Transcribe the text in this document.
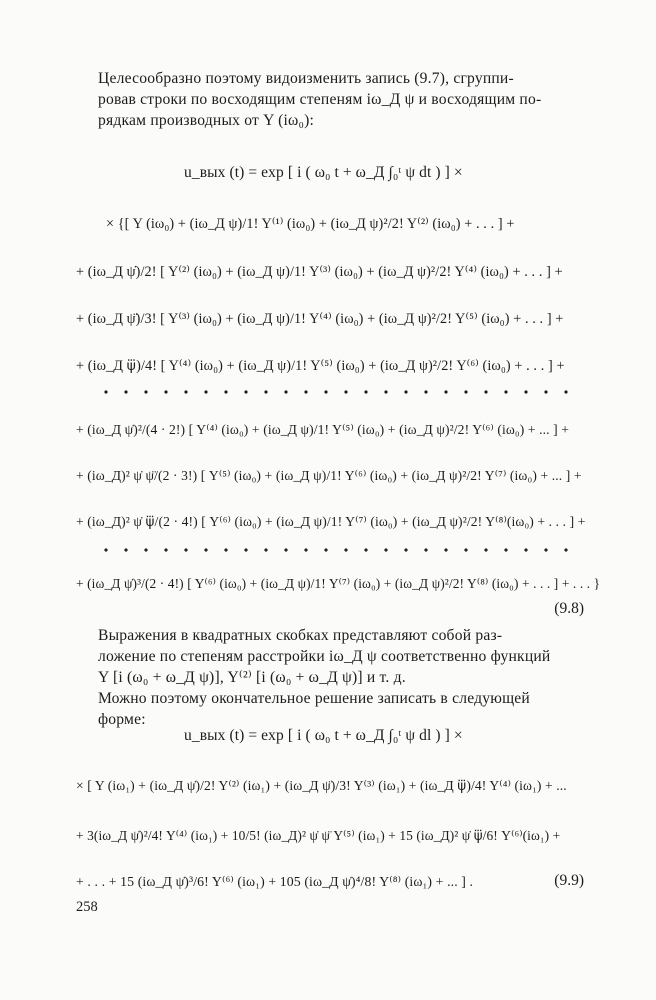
Целесообразно поэтому видоизменить запись (9.7), сгруппи-
ровав строки по восходящим степеням iω_Д ψ и восходящим по-
рядкам производных от Y (iω₀):
u_вых (t) = exp [ i ( ω₀ t + ω_Д ∫₀ᵗ ψ dt ) ] ×
× {[ Y (iω₀) + (iω_Д ψ)/1! Y⁽¹⁾ (iω₀) + (iω_Д ψ)²/2! Y⁽²⁾ (iω₀) + . . . ] +
+ (iω_Д ψ̇)/2! [ Y⁽²⁾ (iω₀) + (iω_Д ψ)/1! Y⁽³⁾ (iω₀) + (iω_Д ψ)²/2! Y⁽⁴⁾ (iω₀) + . . . ] +
+ (iω_Д ψ̈)/3! [ Y⁽³⁾ (iω₀) + (iω_Д ψ)/1! Y⁽⁴⁾ (iω₀) + (iω_Д ψ)²/2! Y⁽⁵⁾ (iω₀) + . . . ] +
+ (iω_Д ψ⃛)/4! [ Y⁽⁴⁾ (iω₀) + (iω_Д ψ)/1! Y⁽⁵⁾ (iω₀) + (iω_Д ψ)²/2! Y⁽⁶⁾ (iω₀) + . . . ] +
+ (iω_Д ψ̇)²/(4 · 2!) [ Y⁽⁴⁾ (iω₀) + (iω_Д ψ)/1! Y⁽⁵⁾ (iω₀) + (iω_Д ψ)²/2! Y⁽⁶⁾ (iω₀) + ... ] +
+ (iω_Д)² ψ̇ ψ̈/(2 · 3!) [ Y⁽⁵⁾ (iω₀) + (iω_Д ψ)/1! Y⁽⁶⁾ (iω₀) + (iω_Д ψ)²/2! Y⁽⁷⁾ (iω₀) + ... ] +
+ (iω_Д)² ψ̇ ψ⃛/(2 · 4!) [ Y⁽⁶⁾ (iω₀) + (iω_Д ψ)/1! Y⁽⁷⁾ (iω₀) + (iω_Д ψ)²/2! Y⁽⁸⁾(iω₀) + . . . ] +
+ (iω_Д ψ̇)³/(2 · 4!) [ Y⁽⁶⁾ (iω₀) + (iω_Д ψ)/1! Y⁽⁷⁾ (iω₀) + (iω_Д ψ)²/2! Y⁽⁸⁾ (iω₀) + . . . ] + . . . }
(9.8)
Выражения в квадратных скобках представляют собой раз-
ложение по степеням расстройки iω_Д ψ соответственно функций
Y [i (ω₀ + ω_Д ψ)], Y⁽²⁾ [i (ω₀ + ω_Д ψ)] и т. д.
Можно поэтому окончательное решение записать в следующей
форме:
u_вых (t) = exp [ i ( ω₀ t + ω_Д ∫₀ᵗ ψ dl ) ] ×
× [ Y (iω₁) + (iω_Д ψ̇)/2! Y⁽²⁾ (iω₁) + (iω_Д ψ̈)/3! Y⁽³⁾ (iω₁) + (iω_Д ψ⃛)/4! Y⁽⁴⁾ (iω₁) + ...
+ 3(iω_Д ψ̇)²/4! Y⁽⁴⁾ (iω₁) + 10/5! (iω_Д)² ψ̇ ψ̈ Y⁽⁵⁾ (iω₁) + 15 (iω_Д)² ψ̇ ψ⃛/6! Y⁽⁶⁾(iω₁) +
+ . . . + 15 (iω_Д ψ̇)³/6! Y⁽⁶⁾ (iω₁) + 105 (iω_Д ψ̇)⁴/8! Y⁽⁸⁾ (iω₁) + ... ] .	(9.9)
258
